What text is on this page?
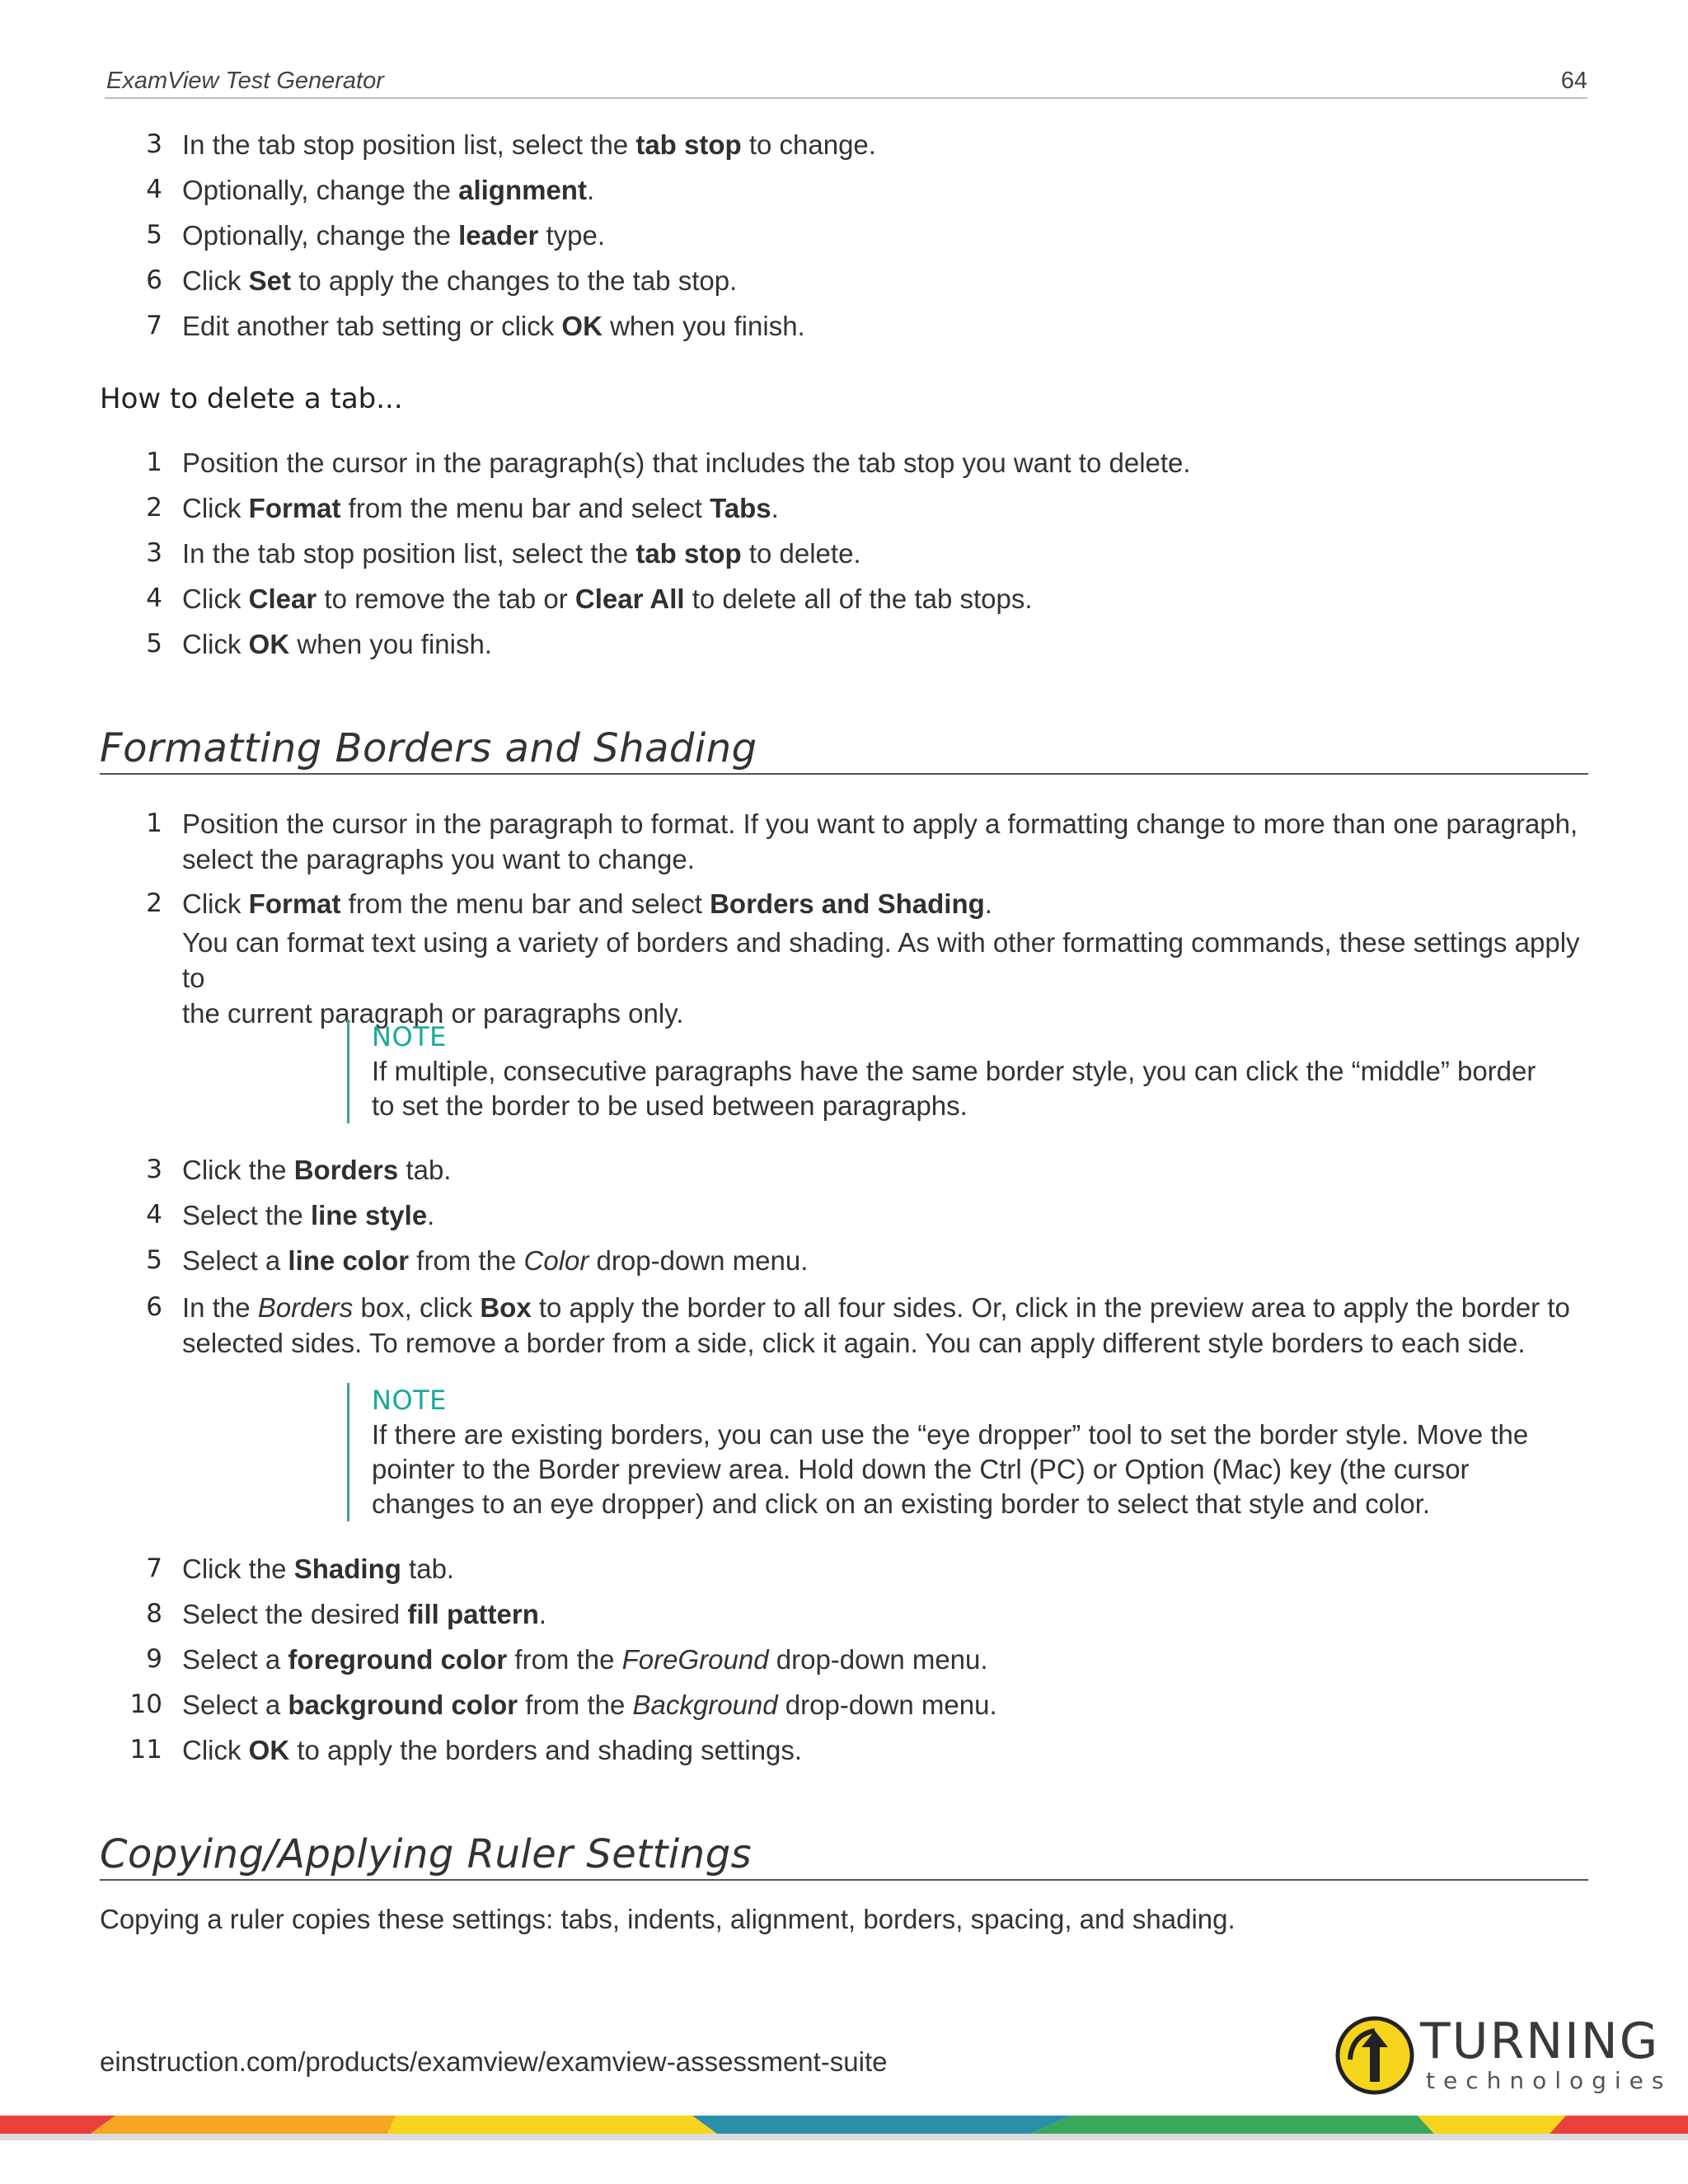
ExamView Test Generator	64
3 In the tab stop position list, select the tab stop to change.
4 Optionally, change the alignment.
5 Optionally, change the leader type.
6 Click Set to apply the changes to the tab stop.
7 Edit another tab setting or click OK when you finish.
How to delete a tab...
1 Position the cursor in the paragraph(s) that includes the tab stop you want to delete.
2 Click Format from the menu bar and select Tabs.
3 In the tab stop position list, select the tab stop to delete.
4 Click Clear to remove the tab or Clear All to delete all of the tab stops.
5 Click OK when you finish.
Formatting Borders and Shading
1 Position the cursor in the paragraph to format. If you want to apply a formatting change to more than one paragraph,
select the paragraphs you want to change.
2 Click Format from the menu bar and select Borders and Shading.
You can format text using a variety of borders and shading. As with other formatting commands, these settings apply to
the current paragraph or paragraphs only.
NOTE
If multiple, consecutive paragraphs have the same border style, you can click the “middle” border
to set the border to be used between paragraphs.
3 Click the Borders tab.
4 Select the line style.
5 Select a line color from the Color drop-down menu.
6 In the Borders box, click Box to apply the border to all four sides. Or, click in the preview area to apply the border to
selected sides. To remove a border from a side, click it again. You can apply different style borders to each side.
NOTE
If there are existing borders, you can use the “eye dropper” tool to set the border style. Move the
pointer to the Border preview area. Hold down the Ctrl (PC) or Option (Mac) key (the cursor
changes to an eye dropper) and click on an existing border to select that style and color.
7 Click the Shading tab.
8 Select the desired fill pattern.
9 Select a foreground color from the ForeGround drop-down menu.
10 Select a background color from the Background drop-down menu.
11 Click OK to apply the borders and shading settings.
Copying/Applying Ruler Settings
Copying a ruler copies these settings: tabs, indents, alignment, borders, spacing, and shading.
einstruction.com/products/examview/examview-assessment-suite	TURNING
technologies
